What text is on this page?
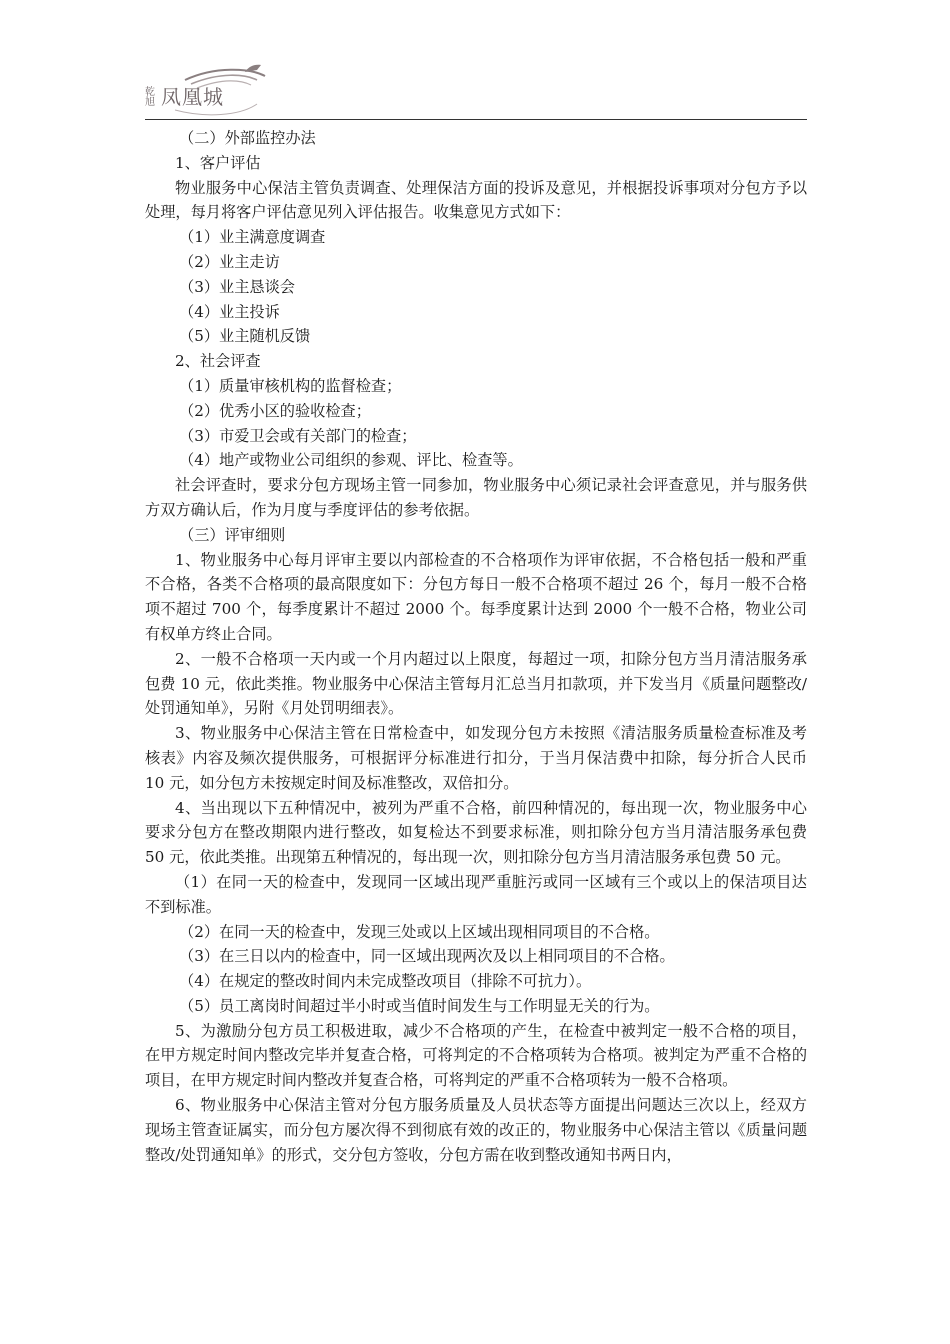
乾旭 凤凰城

（二）外部监控办法

1、客户评估

物业服务中心保洁主管负责调查、处理保洁方面的投诉及意见，并根据投诉事项对分包方予以处理，每月将客户评估意见列入评估报告。收集意见方式如下：

（1）业主满意度调查

（2）业主走访

（3）业主恳谈会

（4）业主投诉

（5）业主随机反馈

2、社会评查

（1）质量审核机构的监督检查；

（2）优秀小区的验收检查；

（3）市爱卫会或有关部门的检查；

（4）地产或物业公司组织的参观、评比、检查等。

社会评查时，要求分包方现场主管一同参加，物业服务中心须记录社会评查意见，并与服务供方双方确认后，作为月度与季度评估的参考依据。

（三）评审细则

1、物业服务中心每月评审主要以内部检查的不合格项作为评审依据，不合格包括一般和严重不合格，各类不合格项的最高限度如下：分包方每日一般不合格项不超过 26 个，每月一般不合格项不超过 700 个，每季度累计不超过 2000 个。每季度累计达到 2000 个一般不合格，物业公司有权单方终止合同。

2、一般不合格项一天内或一个月内超过以上限度，每超过一项，扣除分包方当月清洁服务承包费 10 元，依此类推。物业服务中心保洁主管每月汇总当月扣款项，并下发当月《质量问题整改/处罚通知单》，另附《月处罚明细表》。

3、物业服务中心保洁主管在日常检查中，如发现分包方未按照《清洁服务质量检查标准及考核表》内容及频次提供服务，可根据评分标准进行扣分，于当月保洁费中扣除，每分折合人民币 10 元，如分包方未按规定时间及标准整改，双倍扣分。

4、当出现以下五种情况中，被列为严重不合格，前四种情况的，每出现一次，物业服务中心要求分包方在整改期限内进行整改，如复检达不到要求标准，则扣除分包方当月清洁服务承包费 50 元，依此类推。出现第五种情况的，每出现一次，则扣除分包方当月清洁服务承包费 50 元。

（1）在同一天的检查中，发现同一区域出现严重脏污或同一区域有三个或以上的保洁项目达不到标准。

（2）在同一天的检查中，发现三处或以上区域出现相同项目的不合格。

（3）在三日以内的检查中，同一区域出现两次及以上相同项目的不合格。

（4）在规定的整改时间内未完成整改项目（排除不可抗力）。

（5）员工离岗时间超过半小时或当值时间发生与工作明显无关的行为。

5、为激励分包方员工积极进取，减少不合格项的产生，在检查中被判定一般不合格的项目，在甲方规定时间内整改完毕并复查合格，可将判定的不合格项转为合格项。被判定为严重不合格的项目，在甲方规定时间内整改并复查合格，可将判定的严重不合格项转为一般不合格项。

6、物业服务中心保洁主管对分包方服务质量及人员状态等方面提出问题达三次以上，经双方现场主管查证属实，而分包方屡次得不到彻底有效的改正的，物业服务中心保洁主管以《质量问题整改/处罚通知单》的形式，交分包方签收，分包方需在收到整改通知书两日内，
